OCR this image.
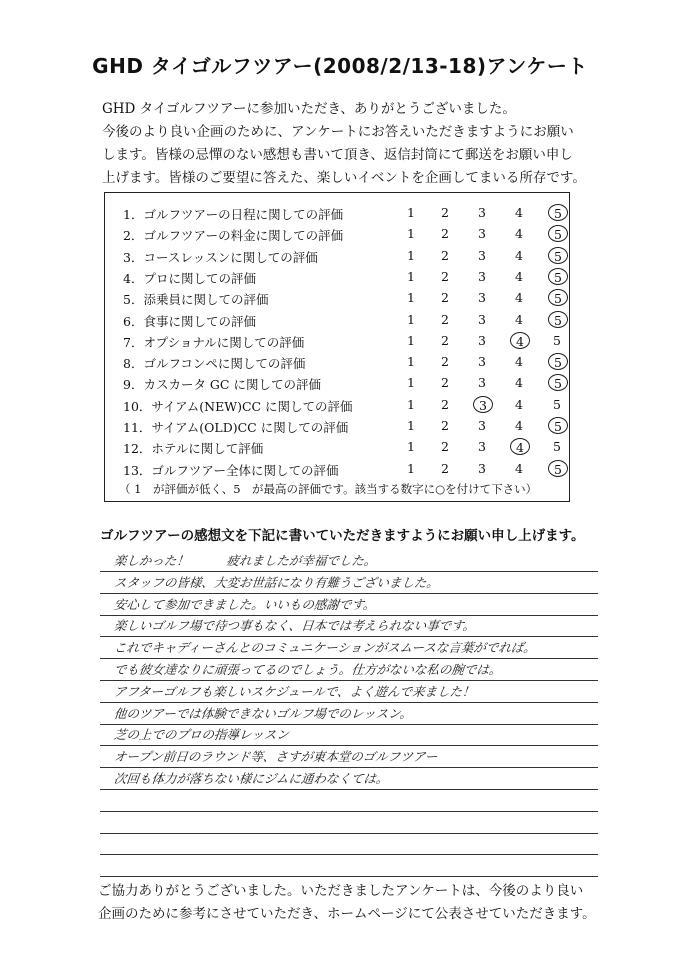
GHD タイゴルフツアー(2008/2/13-18)アンケート
GHD タイゴルフツアーに参加いただき、ありがとうございました。
今後のより良い企画のために、アンケートにお答えいただきますようにお願い
します。皆様の忌憚のない感想も書いて頂き、返信封筒にて郵送をお願い申し
上げます。皆様のご要望に答えた、楽しいイベントを企画してまいる所存です。
13．ゴルフツアー全体に関しての評価	1	2	3	4	5
12．ホテルに関して評価	1	2	3	4	5
11．サイアム(OLD)CC に関しての評価	1	2	3	4	5
10．サイアム(NEW)CC に関しての評価	1	2	3	4	5
9．カスカータ GC に関しての評価	1	2	3	4	5
8．ゴルフコンペに関しての評価	1	2	3	4	5
7．オプショナルに関しての評価	1	2	3	4	5
6．食事に関しての評価	1	2	3	4	5
5．添乗員に関しての評価	1	2	3	4	5
4．プロに関しての評価	1	2	3	4	5
3．コースレッスンに関しての評価	1	2	3	4	5
2．ゴルフツアーの料金に関しての評価	1	2	3	4	5
1．ゴルフツアーの日程に関しての評価	1	2	3	4	5
（ 1　が評価が低く、5　が最高の評価です。該当する数字に○を付けて下さい）
ゴルフツアーの感想文を下記に書いていただきますようにお願い申し上げます。
楽しかった！　　　疲れましたが幸福でした。
スタッフの皆様、大変お世話になり有難うございました。
安心して参加できました。いいもの感謝です。
楽しいゴルフ場で待つ事もなく、日本では考えられない事です。
これでキャディーさんとのコミュニケーションがスムースな言葉がでれば。
でも彼女達なりに頑張ってるのでしょう。仕方がないな私の腕では。
アフターゴルフも楽しいスケジュールで、よく遊んで来ました！
他のツアーでは体験できないゴルフ場でのレッスン。
芝の上でのプロの指導レッスン
オープン前日のラウンド等、さすが東本堂のゴルフツアー
次回も体力が落ちない様にジムに通わなくては。
ご協力ありがとうございました。いただきましたアンケートは、今後のより良い
企画のために参考にさせていただき、ホームページにて公表させていただきます。
